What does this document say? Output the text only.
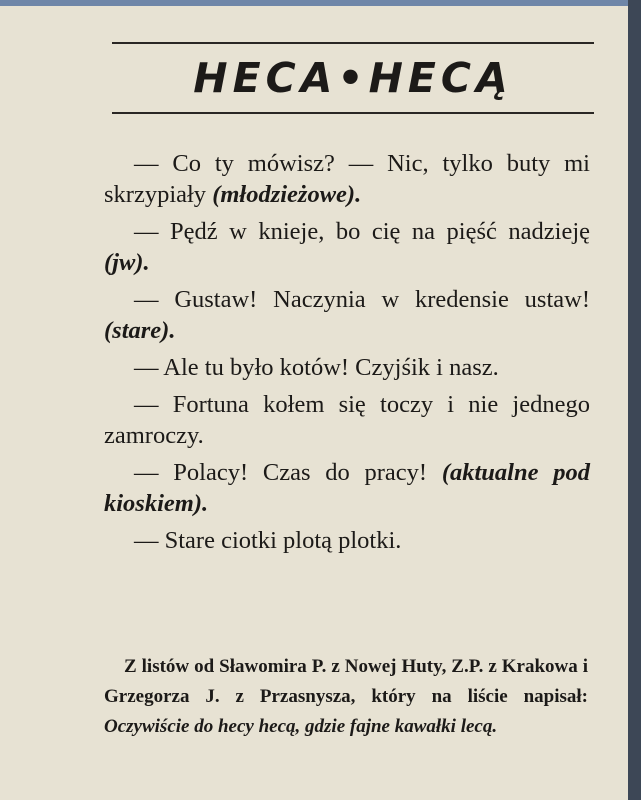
HECA•HECĄ

— Co ty mówisz? — Nic, tylko buty mi skrzypiały (młodzieżowe).

— Pędź w knieje, bo cię na pięść nadzieję (jw).

— Gustaw! Naczynia w kredensie ustaw! (stare).

— Ale tu było kotów! Czyjśik i nasz.

— Fortuna kołem się toczy i nie jednego zamroczy.

— Polacy! Czas do pracy! (aktualne pod kioskiem).

— Stare ciotki plotą plotki.

Z listów od Sławomira P. z Nowej Huty, Z.P. z Krakowa i Grzegorza J. z Przasnysza, który na liście napisał: Oczywiście do hecy hecą, gdzie fajne kawałki lecą.
